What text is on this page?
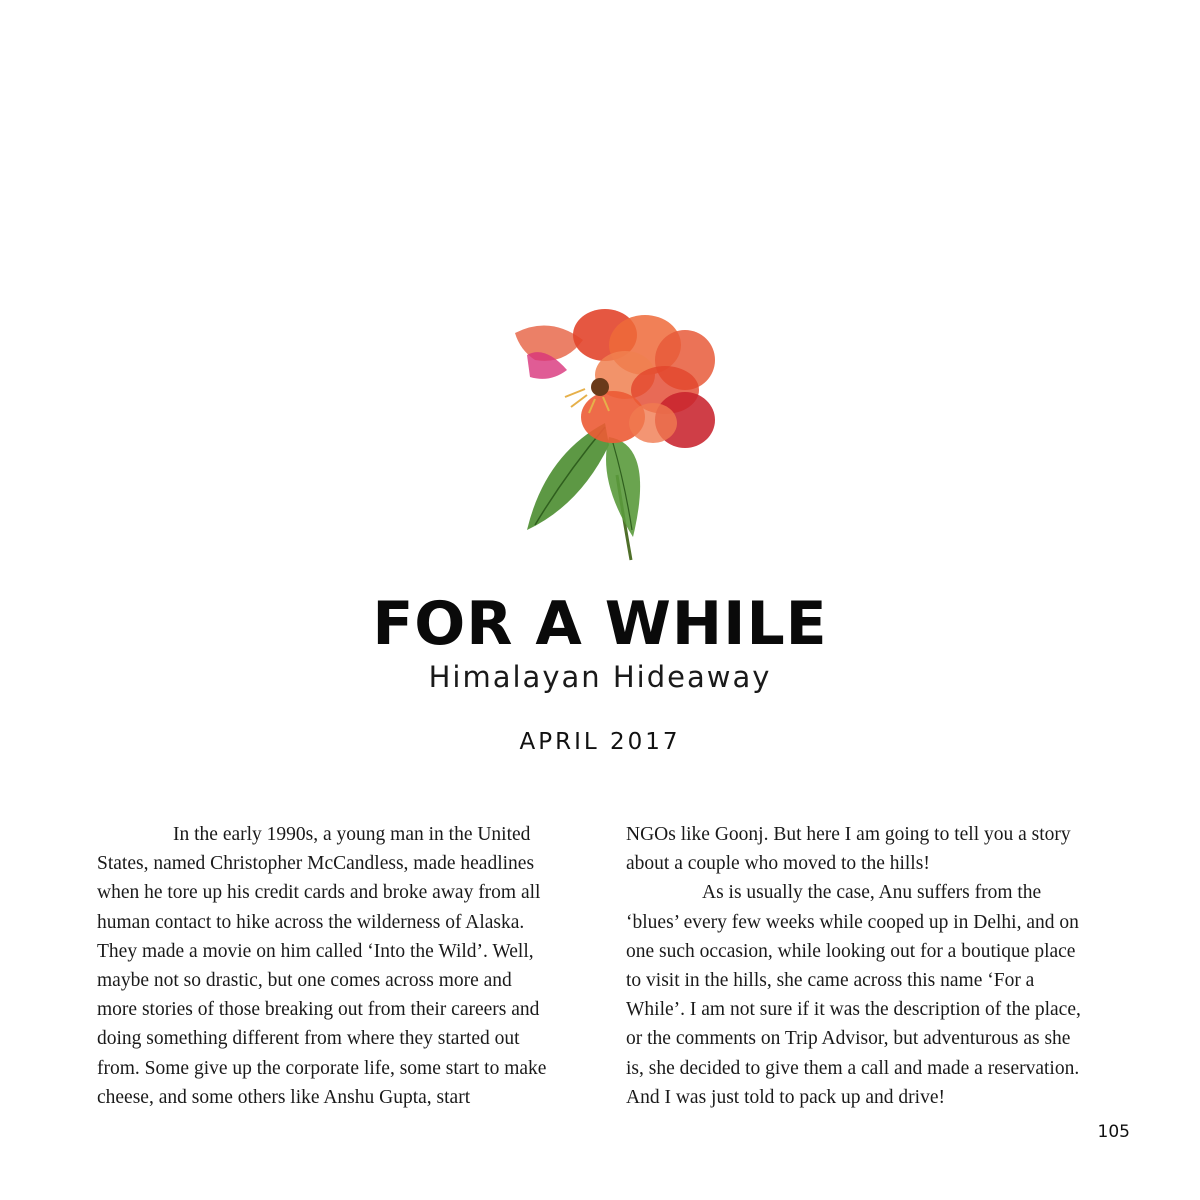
FOR A WHILE
Himalayan Hideaway
APRIL 2017

In the early 1990s, a young man in the United

States, named Christopher McCandless, made headlines

when he tore up his credit cards and broke away from all

human contact to hike across the wilderness of Alaska.

They made a movie on him called ‘Into the Wild’. Well,

maybe not so drastic, but one comes across more and

more stories of those breaking out from their careers and

doing something different from where they started out

from. Some give up the corporate life, some start to make

cheese, and some others like Anshu Gupta, start

NGOs like Goonj. But here I am going to tell you a story

about a couple who moved to the hills!

As is usually the case, Anu suffers from the

‘blues’ every few weeks while cooped up in Delhi, and on

one such occasion, while looking out for a boutique place

to visit in the hills, she came across this name ‘For a

While’. I am not sure if it was the description of the place,

or the comments on Trip Advisor, but adventurous as she

is, she decided to give them a call and made a reservation.

And I was just told to pack up and drive!

105
